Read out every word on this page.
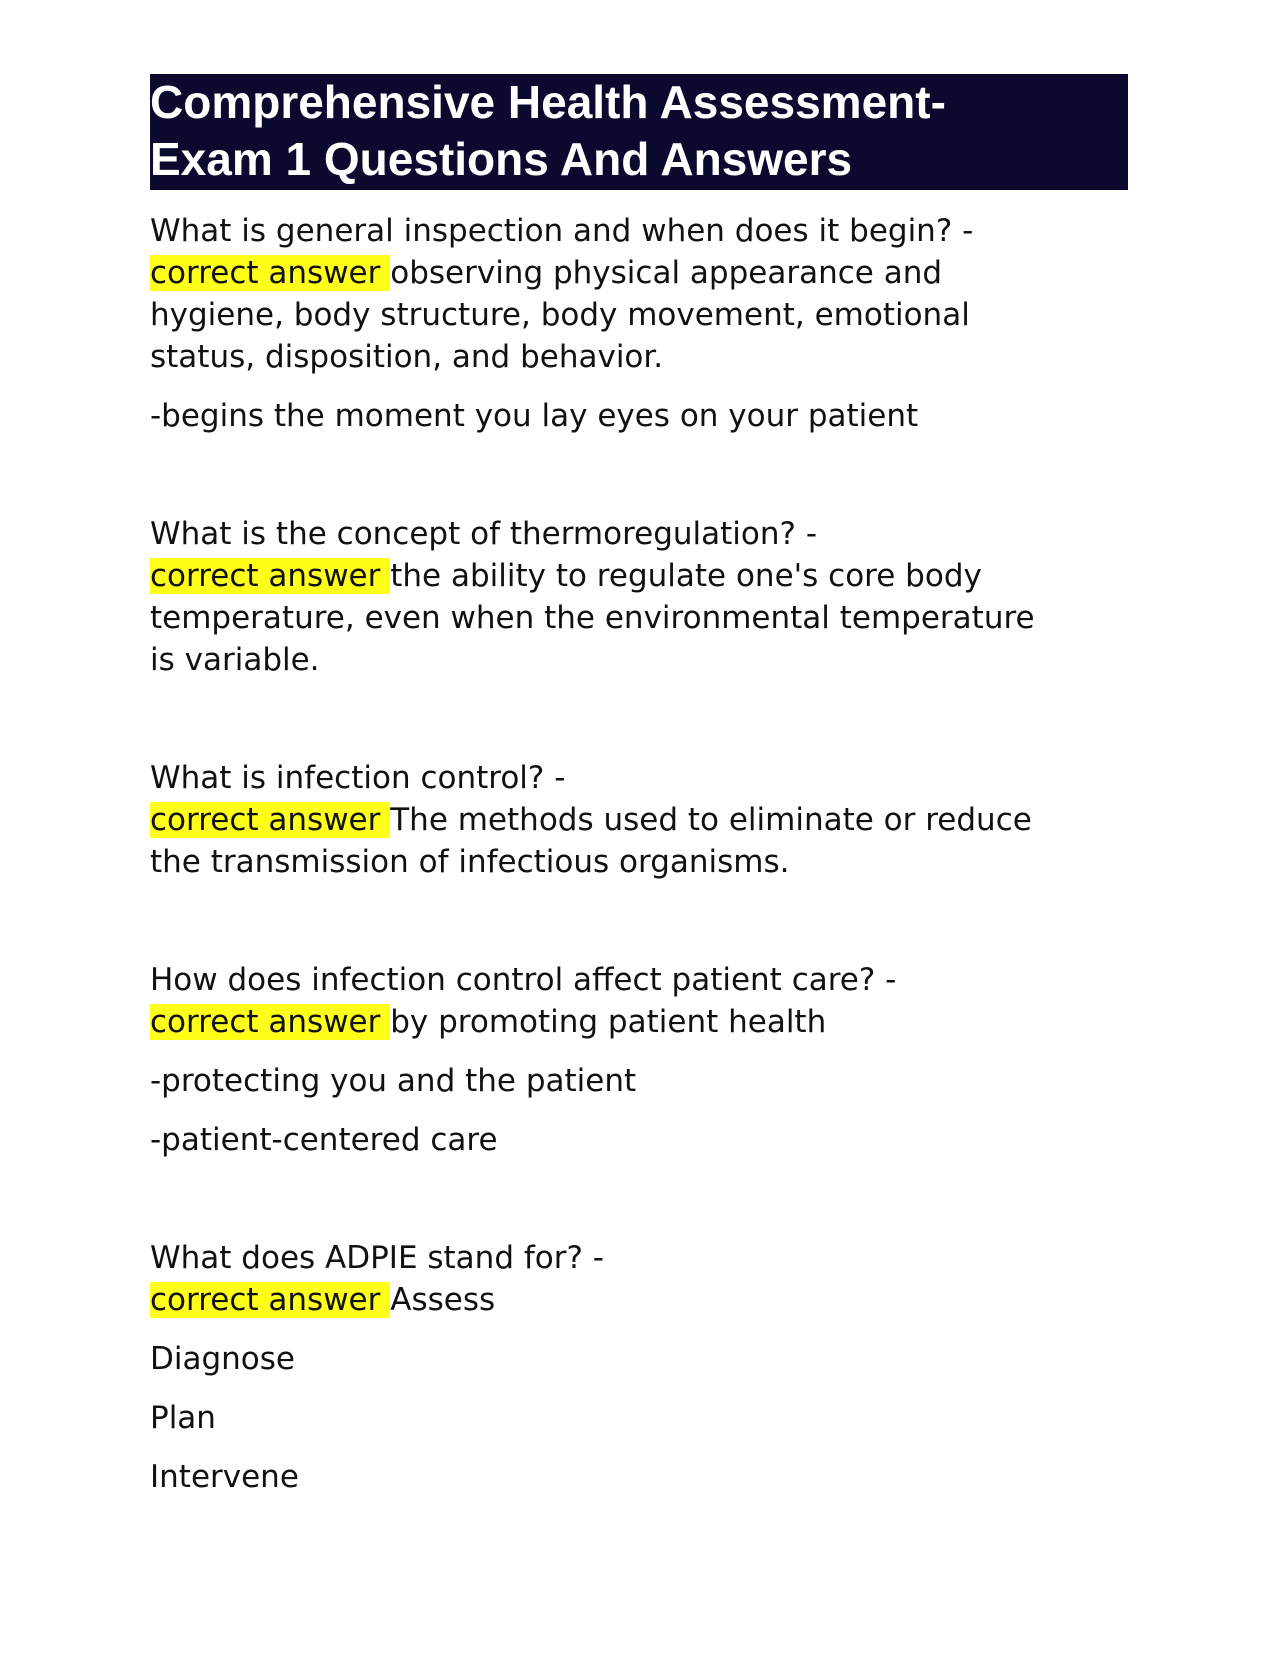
Comprehensive Health Assessment-
Exam 1 Questions And Answers

What is general inspection and when does it begin? -

correct answer observing physical appearance and

hygiene, body structure, body movement, emotional

status, disposition, and behavior.

-begins the moment you lay eyes on your patient

What is the concept of thermoregulation? -

correct answer the ability to regulate one's core body

temperature, even when the environmental temperature

is variable.

What is infection control? -

correct answer The methods used to eliminate or reduce

the transmission of infectious organisms.

How does infection control affect patient care? -

correct answer by promoting patient health

-protecting you and the patient

-patient-centered care

What does ADPIE stand for? -

correct answer Assess

Diagnose

Plan

Intervene
